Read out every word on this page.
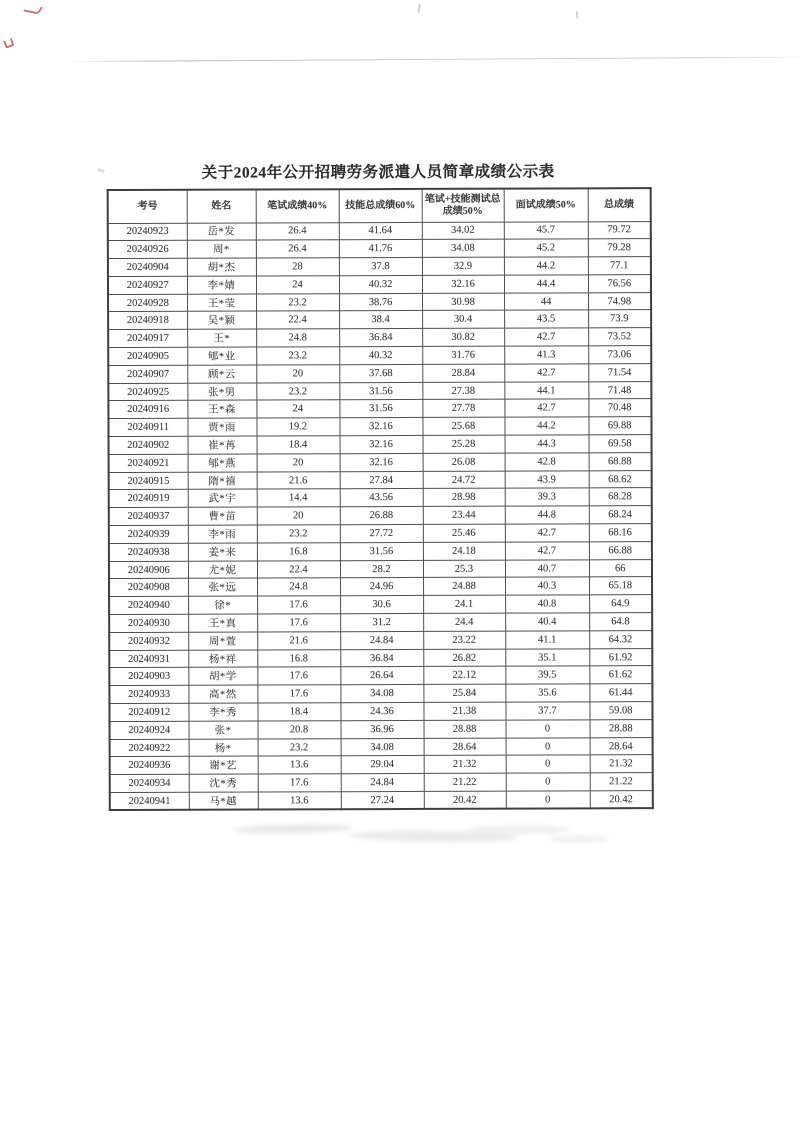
关于2024年公开招聘劳务派遣人员简章成绩公示表
考号	姓名	笔试成绩40%	技能总成绩60%	笔试+技能测试总成绩50%	面试成绩50%	总成绩
20240923	岳*发	26.4	41.64	34.02	45.7	79.72
20240926	周*	26.4	41.76	34.08	45.2	79.28
20240904	胡*杰	28	37.8	32.9	44.2	77.1
20240927	李*婧	24	40.32	32.16	44.4	76.56
20240928	王*莹	23.2	38.76	30.98	44	74.98
20240918	吴*颖	22.4	38.4	30.4	43.5	73.9
20240917	王*	24.8	36.84	30.82	42.7	73.52
20240905	郇*业	23.2	40.32	31.76	41.3	73.06
20240907	顾*云	20	37.68	28.84	42.7	71.54
20240925	张*男	23.2	31.56	27.38	44.1	71.48
20240916	王*森	24	31.56	27.78	42.7	70.48
20240911	贾*雨	19.2	32.16	25.68	44.2	69.88
20240902	崔*苒	18.4	32.16	25.28	44.3	69.58
20240921	郇*燕	20	32.16	26.08	42.8	68.88
20240915	隋*禧	21.6	27.84	24.72	43.9	68.62
20240919	武*宇	14.4	43.56	28.98	39.3	68.28
20240937	曹*苗	20	26.88	23.44	44.8	68.24
20240939	李*雨	23.2	27.72	25.46	42.7	68.16
20240938	姜*来	16.8	31.56	24.18	42.7	66.88
20240906	尤*妮	22.4	28.2	25.3	40.7	66
20240908	张*远	24.8	24.96	24.88	40.3	65.18
20240940	徐*	17.6	30.6	24.1	40.8	64.9
20240930	王*真	17.6	31.2	24.4	40.4	64.8
20240932	周*萱	21.6	24.84	23.22	41.1	64.32
20240931	杨*祥	16.8	36.84	26.82	35.1	61.92
20240903	胡*学	17.6	26.64	22.12	39.5	61.62
20240933	高*然	17.6	34.08	25.84	35.6	61.44
20240912	李*秀	18.4	24.36	21.38	37.7	59.08
20240924	张*	20.8	36.96	28.88	0	28.88
20240922	杨*	23.2	34.08	28.64	0	28.64
20240936	谢*艺	13.6	29.04	21.32	0	21.32
20240934	沈*秀	17.6	24.84	21.22	0	21.22
20240941	马*越	13.6	27.24	20.42	0	20.42
